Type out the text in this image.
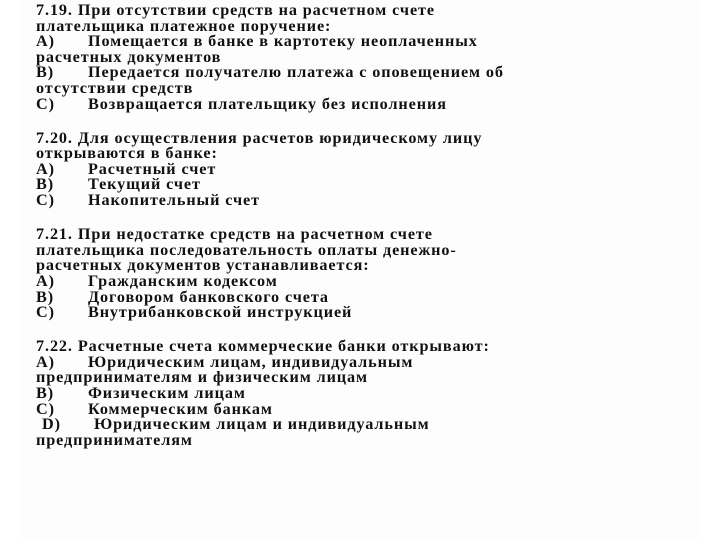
7.19. При отсутствии средств на расчетном счете
плательщика платежное поручение:
A)	Помещается в банке в картотеку неоплаченных
расчетных документов
B)	Передается получателю платежа с оповещением об
отсутствии средств
C)	Возвращается плательщику без исполнения
7.20. Для осуществления расчетов юридическому лицу
открываются в банке:
A)	Расчетный счет
B)	Текущий счет
C)	Накопительный счет
7.21. При недостатке средств на расчетном счете
плательщика последовательность оплаты денежно-
расчетных документов устанавливается:
A)	Гражданским кодексом
B)	Договором банковского счета
C)	Внутрибанковской инструкцией
7.22. Расчетные счета коммерческие банки открывают:
A)	Юридическим лицам, индивидуальным
предпринимателям и физическим лицам
B)	Физическим лицам
C)	Коммерческим банкам
D)	Юридическим лицам и индивидуальным
предпринимателям
